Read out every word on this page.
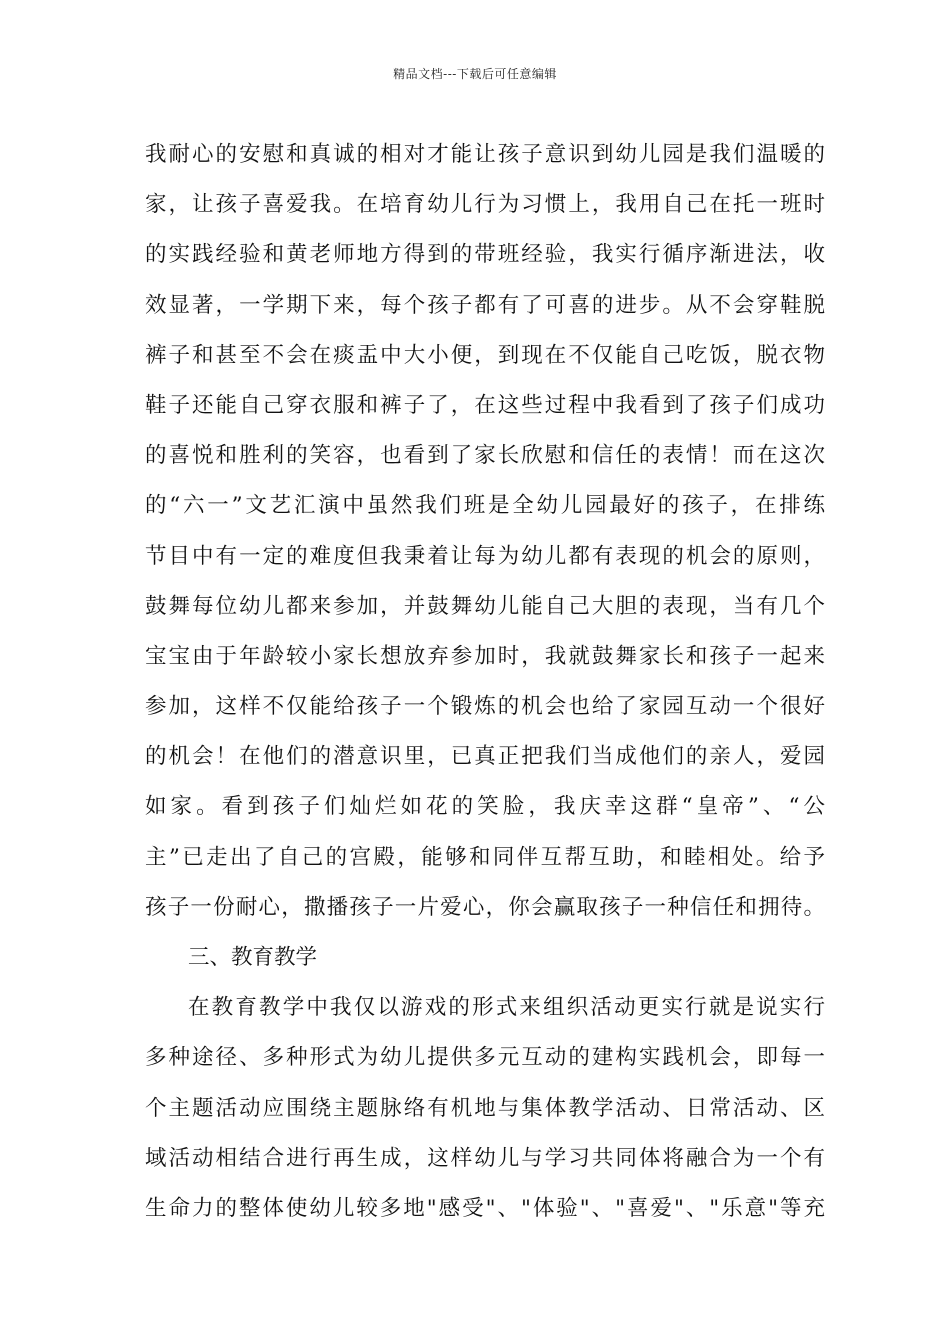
精品文档---下载后可任意编辑
我耐心的安慰和真诚的相对才能让孩子意识到幼儿园是我们温暖的
家，让孩子喜爱我。在培育幼儿行为习惯上，我用自己在托一班时
的实践经验和黄老师地方得到的带班经验，我实行循序渐进法，收
效显著，一学期下来，每个孩子都有了可喜的进步。从不会穿鞋脱
裤子和甚至不会在痰盂中大小便，到现在不仅能自己吃饭，脱衣物
鞋子还能自己穿衣服和裤子了，在这些过程中我看到了孩子们成功
的喜悦和胜利的笑容，也看到了家长欣慰和信任的表情！而在这次
的“六一”文艺汇演中虽然我们班是全幼儿园最好的孩子，在排练
节目中有一定的难度但我秉着让每为幼儿都有表现的机会的原则，
鼓舞每位幼儿都来参加，并鼓舞幼儿能自己大胆的表现，当有几个
宝宝由于年龄较小家长想放弃参加时，我就鼓舞家长和孩子一起来
参加，这样不仅能给孩子一个锻炼的机会也给了家园互动一个很好
的机会！在他们的潜意识里，已真正把我们当成他们的亲人，爱园
如家。看到孩子们灿烂如花的笑脸，我庆幸这群“皇帝”、“公
主”已走出了自己的宫殿，能够和同伴互帮互助，和睦相处。给予
孩子一份耐心，撒播孩子一片爱心，你会赢取孩子一种信任和拥待。
三、教育教学
在教育教学中我仅以游戏的形式来组织活动更实行就是说实行
多种途径、多种形式为幼儿提供多元互动的建构实践机会，即每一
个主题活动应围绕主题脉络有机地与集体教学活动、日常活动、区
域活动相结合进行再生成，这样幼儿与学习共同体将融合为一个有
生命力的整体使幼儿较多地"感受"、"体验"、"喜爱"、"乐意"等充
